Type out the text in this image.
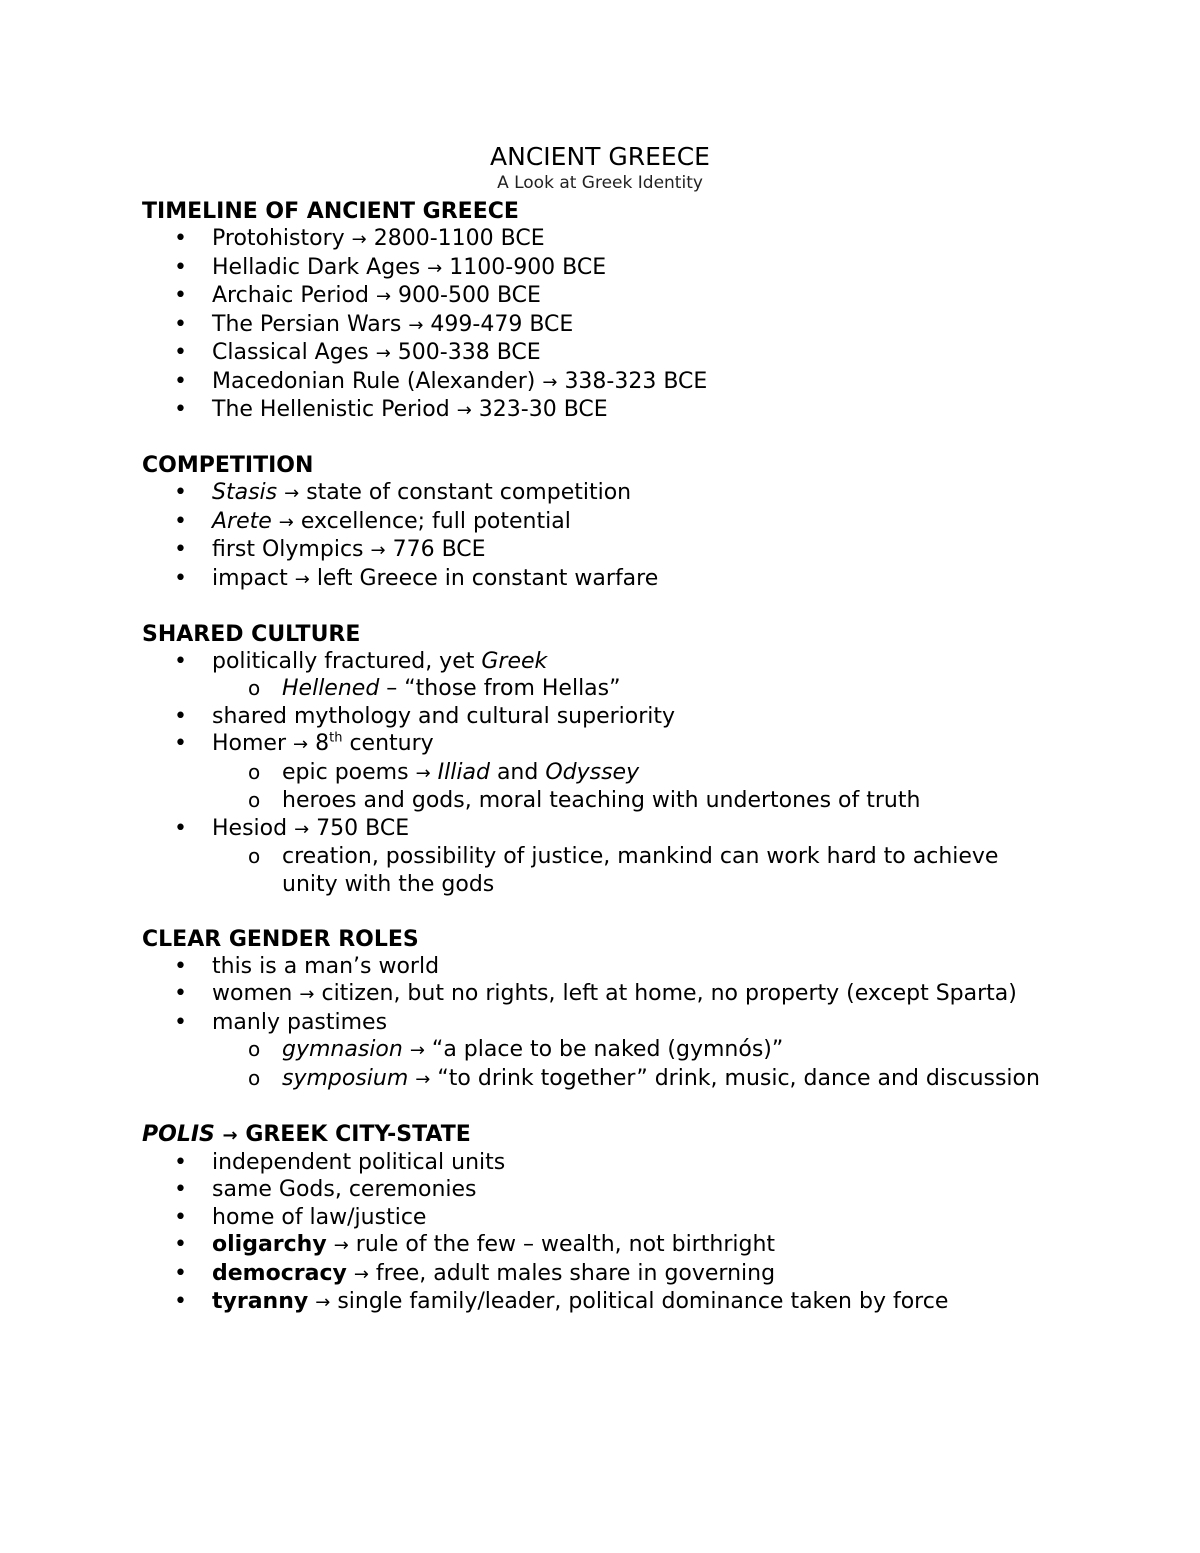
ANCIENT GREECE
A Look at Greek Identity
TIMELINE OF ANCIENT GREECE
• Protohistory → 2800-1100 BCE
• Helladic Dark Ages → 1100-900 BCE
• Archaic Period → 900-500 BCE
• The Persian Wars → 499-479 BCE
• Classical Ages → 500-338 BCE
• Macedonian Rule (Alexander) → 338-323 BCE
• The Hellenistic Period → 323-30 BCE
COMPETITION
• Stasis → state of constant competition
• Arete → excellence; full potential
• first Olympics → 776 BCE
• impact → left Greece in constant warfare
SHARED CULTURE
• politically fractured, yet Greek
o Hellened – “those from Hellas”
• shared mythology and cultural superiority
• Homer → 8th century
o epic poems → Illiad and Odyssey
o heroes and gods, moral teaching with undertones of truth
• Hesiod → 750 BCE
o creation, possibility of justice, mankind can work hard to achieve unity with the gods
CLEAR GENDER ROLES
• this is a man’s world
• women → citizen, but no rights, left at home, no property (except Sparta)
• manly pastimes
o gymnasion → “a place to be naked (gymnós)”
o symposium → “to drink together” drink, music, dance and discussion
POLIS → GREEK CITY-STATE
• independent political units
• same Gods, ceremonies
• home of law/justice
• oligarchy → rule of the few – wealth, not birthright
• democracy → free, adult males share in governing
• tyranny → single family/leader, political dominance taken by force
